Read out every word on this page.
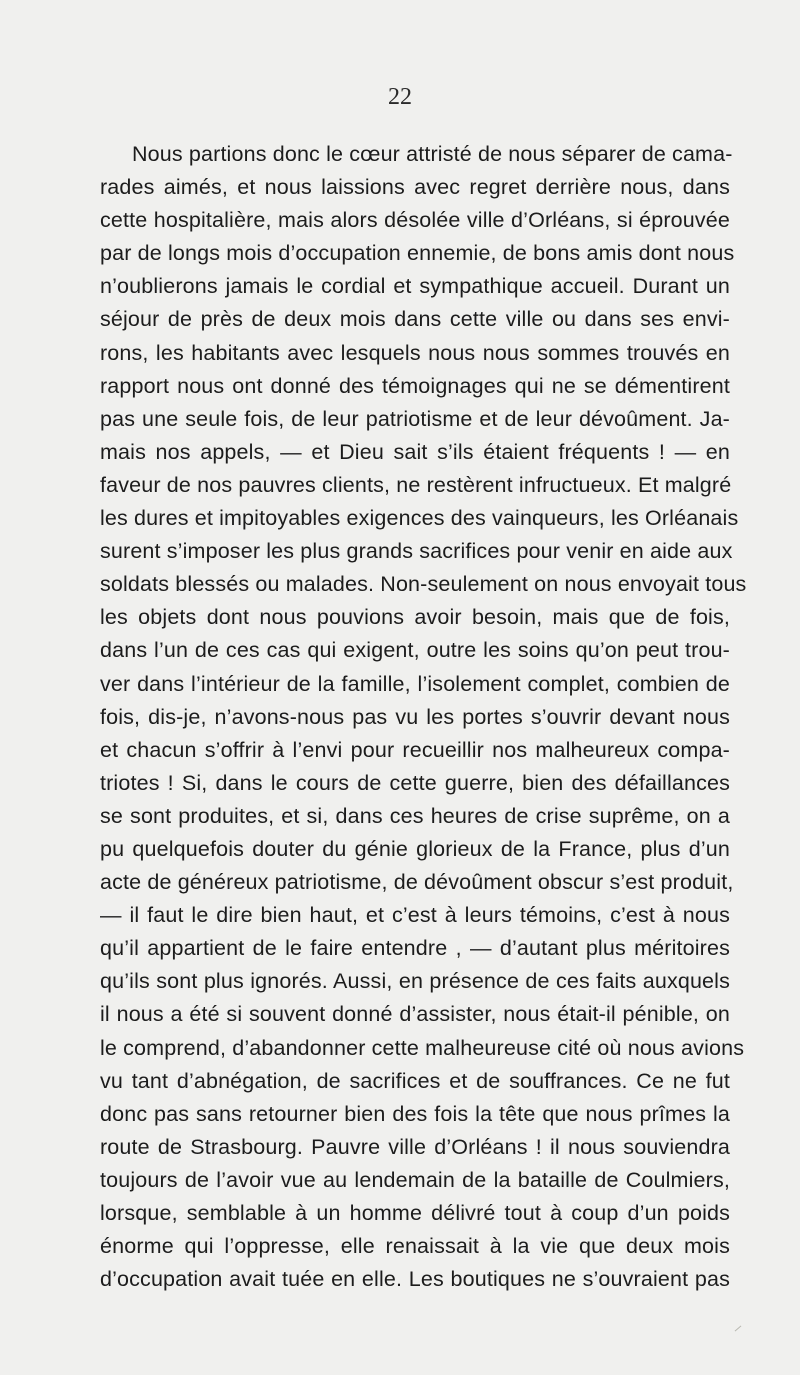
22
Nous partions donc le cœur attristé de nous séparer de cama-
rades aimés, et nous laissions avec regret derrière nous, dans
cette hospitalière, mais alors désolée ville d’Orléans, si éprouvée
par de longs mois d’occupation ennemie, de bons amis dont nous
n’oublierons jamais le cordial et sympathique accueil. Durant un
séjour de près de deux mois dans cette ville ou dans ses envi-
rons, les habitants avec lesquels nous nous sommes trouvés en
rapport nous ont donné des témoignages qui ne se démentirent
pas une seule fois, de leur patriotisme et de leur dévoûment. Ja-
mais nos appels, — et Dieu sait s’ils étaient fréquents ! — en
faveur de nos pauvres clients, ne restèrent infructueux. Et malgré
les dures et impitoyables exigences des vainqueurs, les Orléanais
surent s’imposer les plus grands sacrifices pour venir en aide aux
soldats blessés ou malades. Non-seulement on nous envoyait tous
les objets dont nous pouvions avoir besoin, mais que de fois,
dans l’un de ces cas qui exigent, outre les soins qu’on peut trou-
ver dans l’intérieur de la famille, l’isolement complet, combien de
fois, dis-je, n’avons-nous pas vu les portes s’ouvrir devant nous
et chacun s’offrir à l’envi pour recueillir nos malheureux compa-
triotes ! Si, dans le cours de cette guerre, bien des défaillances
se sont produites, et si, dans ces heures de crise suprême, on a
pu quelquefois douter du génie glorieux de la France, plus d’un
acte de généreux patriotisme, de dévoûment obscur s’est produit,
— il faut le dire bien haut, et c’est à leurs témoins, c’est à nous
qu’il appartient de le faire entendre , — d’autant plus méritoires
qu’ils sont plus ignorés. Aussi, en présence de ces faits auxquels
il nous a été si souvent donné d’assister, nous était-il pénible, on
le comprend, d’abandonner cette malheureuse cité où nous avions
vu tant d’abnégation, de sacrifices et de souffrances. Ce ne fut
donc pas sans retourner bien des fois la tête que nous prîmes la
route de Strasbourg. Pauvre ville d’Orléans ! il nous souviendra
toujours de l’avoir vue au lendemain de la bataille de Coulmiers,
lorsque, semblable à un homme délivré tout à coup d’un poids
énorme qui l’oppresse, elle renaissait à la vie que deux mois
d’occupation avait tuée en elle. Les boutiques ne s’ouvraient pas
